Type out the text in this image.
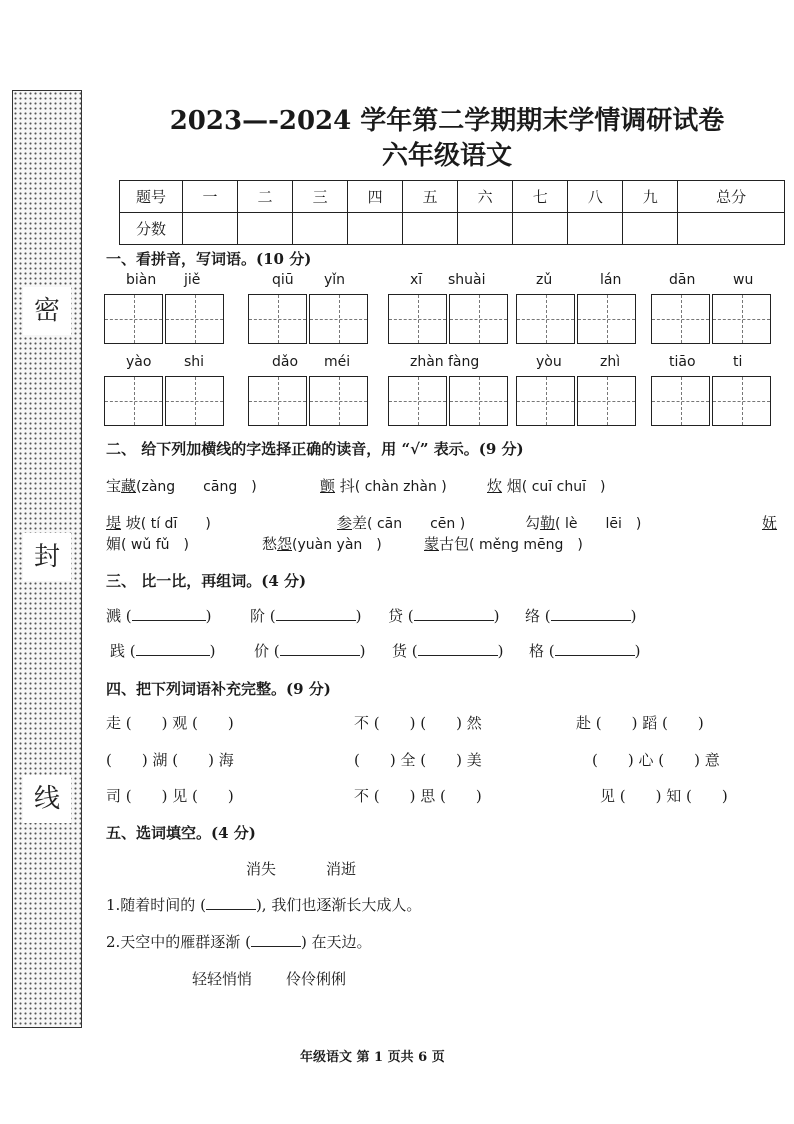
密
封
线
2023—-2024 学年第二学期期末学情调研试卷
六年级语文
题号	一	二	三	四	五	六	七	八	九	总分
分数										
一、看拼音，写词语。(10 分)
biàn jiě	qiū yǐn	xī shuài	zǔ	lán	dān	wu
yào shi	dǎo méi	zhàn fàng	yòu	zhì	tiāo	ti
二、 给下列加横线的字选择正确的读音，用 “√” 表示。(9 分)
宝藏(zàng　　cāng　)	颤 抖( chàn zhàn )	炊 烟( cuī chuī　)
堤 坡( tí dī　　)	参差( cān　　cēn )	勾勒( lè　　lēi　)	妩
媚( wǔ fǔ　)	愁怨(yuàn yàn　)	蒙古包( měng mēng　)
三、 比一比，再组词。(4 分)
溅 (	)	阶 (	) 贷 (	) 络 (	)
践 (	)	价 (	) 货 (	) 格 (	)
四、把下列词语补充完整。(9 分)
走 (　　) 观 (　　)	不 (　　) (　　) 然	赴 (　　) 蹈 (　　)
(　　) 湖 (　　) 海	(　　) 全 (　　) 美	(　　) 心 (　　) 意
司 (　　) 见 (　　)	不 (　　) 思 (　　)	见 (　　) 知 (　　)
五、选词填空。(4 分)
消失	消逝
1.随着时间的 (	), 我们也逐渐长大成人。
2.天空中的雁群逐渐 (	) 在天边。
轻轻悄悄 伶伶俐俐
年级语文 第 1 页共 6 页
